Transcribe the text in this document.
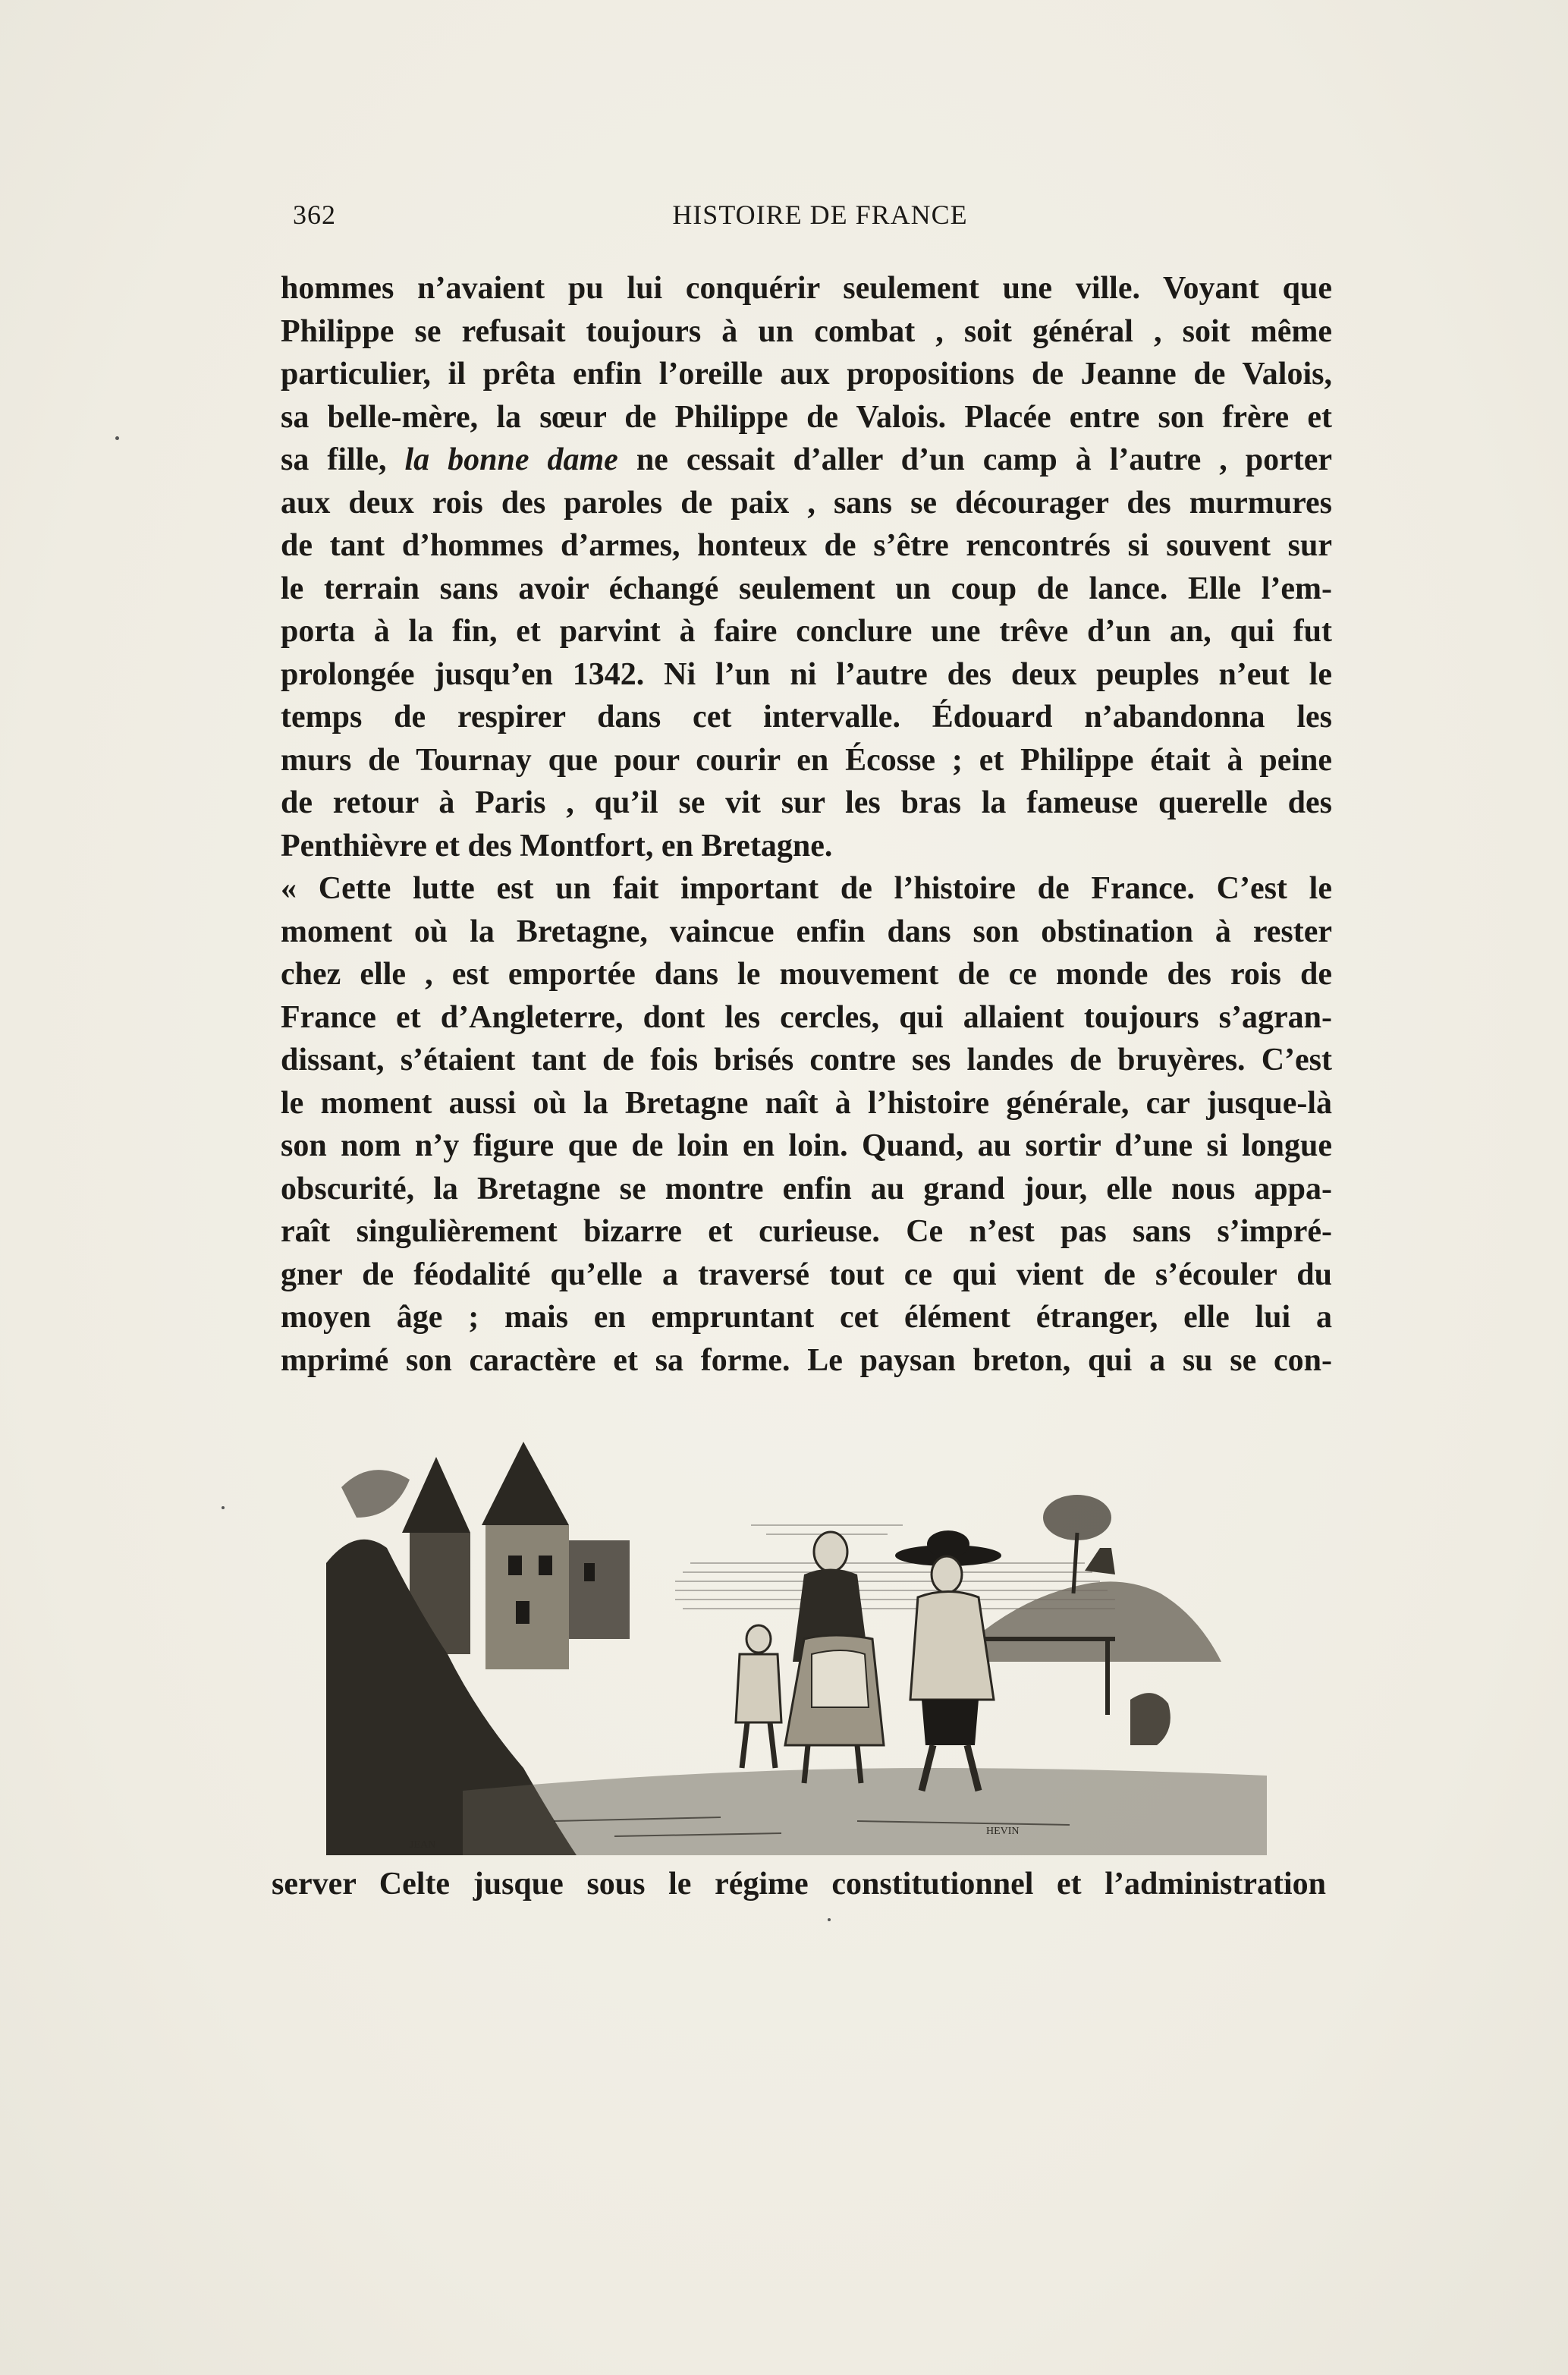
362	HISTOIRE DE FRANCE
hommes n’avaient pu lui conquérir seulement une ville. Voyant que
Philippe se refusait toujours à un combat , soit général , soit même
particulier, il prêta enfin l’oreille aux propositions de Jeanne de Valois,
sa belle-mère, la sœur de Philippe de Valois. Placée entre son frère et
sa fille, la bonne dame ne cessait d’aller d’un camp à l’autre , porter
aux deux rois des paroles de paix , sans se décourager des murmures
de tant d’hommes d’armes, honteux de s’être rencontrés si souvent sur
le terrain sans avoir échangé seulement un coup de lance. Elle l’em-
porta à la fin, et parvint à faire conclure une trêve d’un an, qui fut
prolongée jusqu’en 1342. Ni l’un ni l’autre des deux peuples n’eut le
temps de respirer dans cet intervalle. Édouard n’abandonna les
murs de Tournay que pour courir en Écosse ; et Philippe était à peine
de retour à Paris , qu’il se vit sur les bras la fameuse querelle des
Penthièvre et des Montfort, en Bretagne.
« Cette lutte est un fait important de l’histoire de France. C’est le
moment où la Bretagne, vaincue enfin dans son obstination à rester
chez elle , est emportée dans le mouvement de ce monde des rois de
France et d’Angleterre, dont les cercles, qui allaient toujours s’agran-
dissant, s’étaient tant de fois brisés contre ses landes de bruyères. C’est
le moment aussi où la Bretagne naît à l’histoire générale, car jusque-là
son nom n’y figure que de loin en loin. Quand, au sortir d’une si longue
obscurité, la Bretagne se montre enfin au grand jour, elle nous appa-
raît singulièrement bizarre et curieuse. Ce n’est pas sans s’impré-
gner de féodalité qu’elle a traversé tout ce qui vient de s’écouler du
moyen âge ; mais en empruntant cet élément étranger, elle lui a
mprimé son caractère et sa forme. Le paysan breton, qui a su se con-
JEAN
HEVIN
server Celte jusque sous le régime constitutionnel et l’administration
